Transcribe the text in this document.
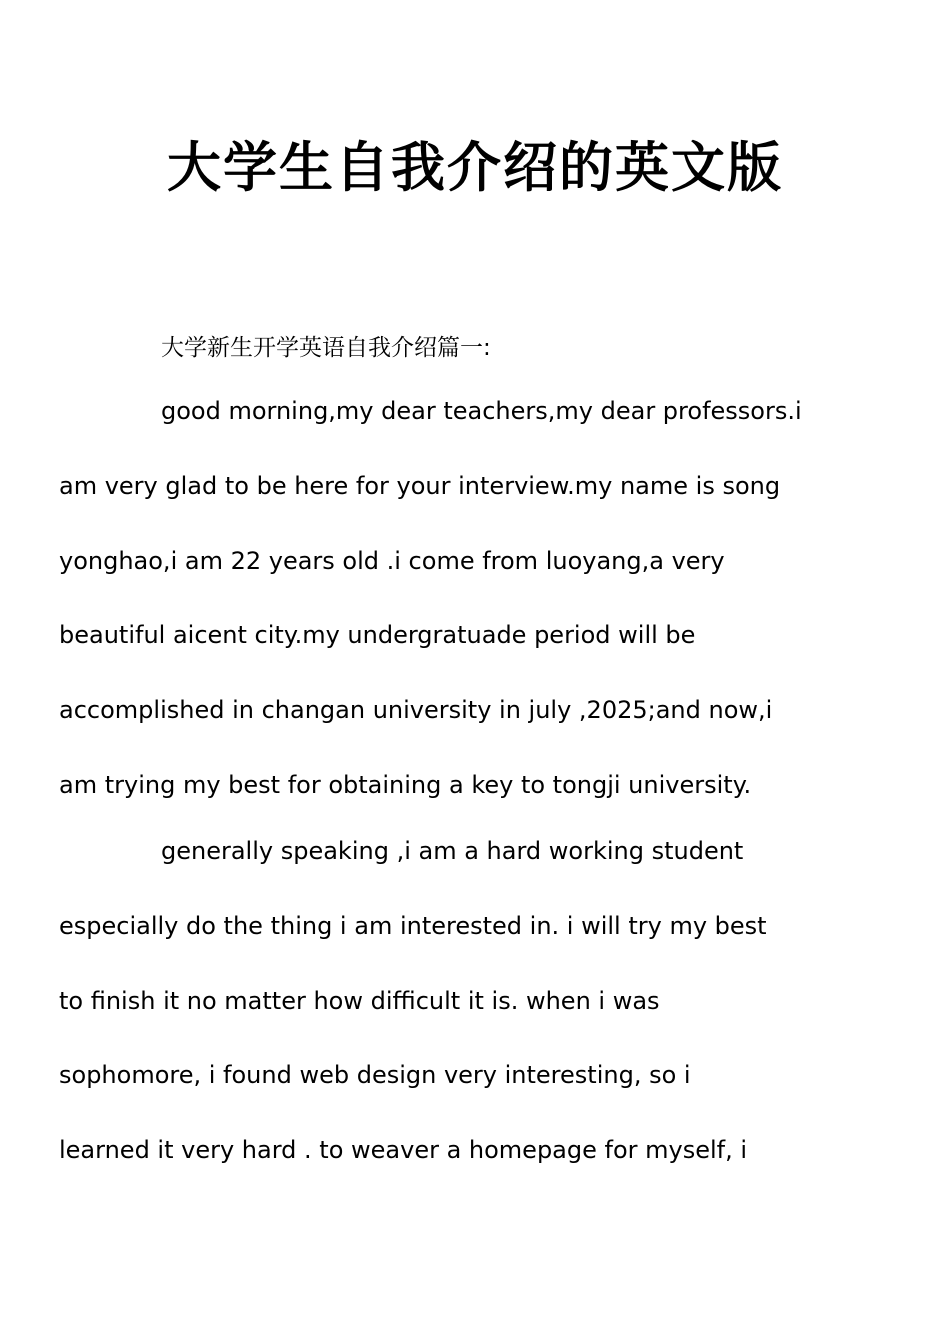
大学生自我介绍的英文版

大学新生开学英语自我介绍篇一:

good morning,my dear teachers,my dear professors.i
am very glad to be here for your interview.my name is song
yonghao,i am 22 years old .i come from luoyang,a very
beautiful aicent city.my undergratuade period will be
accomplished in changan university in july ,2025;and now,i
am trying my best for obtaining a key to tongji university.

generally speaking ,i am a hard working student
especially do the thing i am interested in. i will try my best
to finish it no matter how difficult it is. when i was
sophomore, i found web design very interesting, so i
learned it very hard . to weaver a homepage for myself, i
